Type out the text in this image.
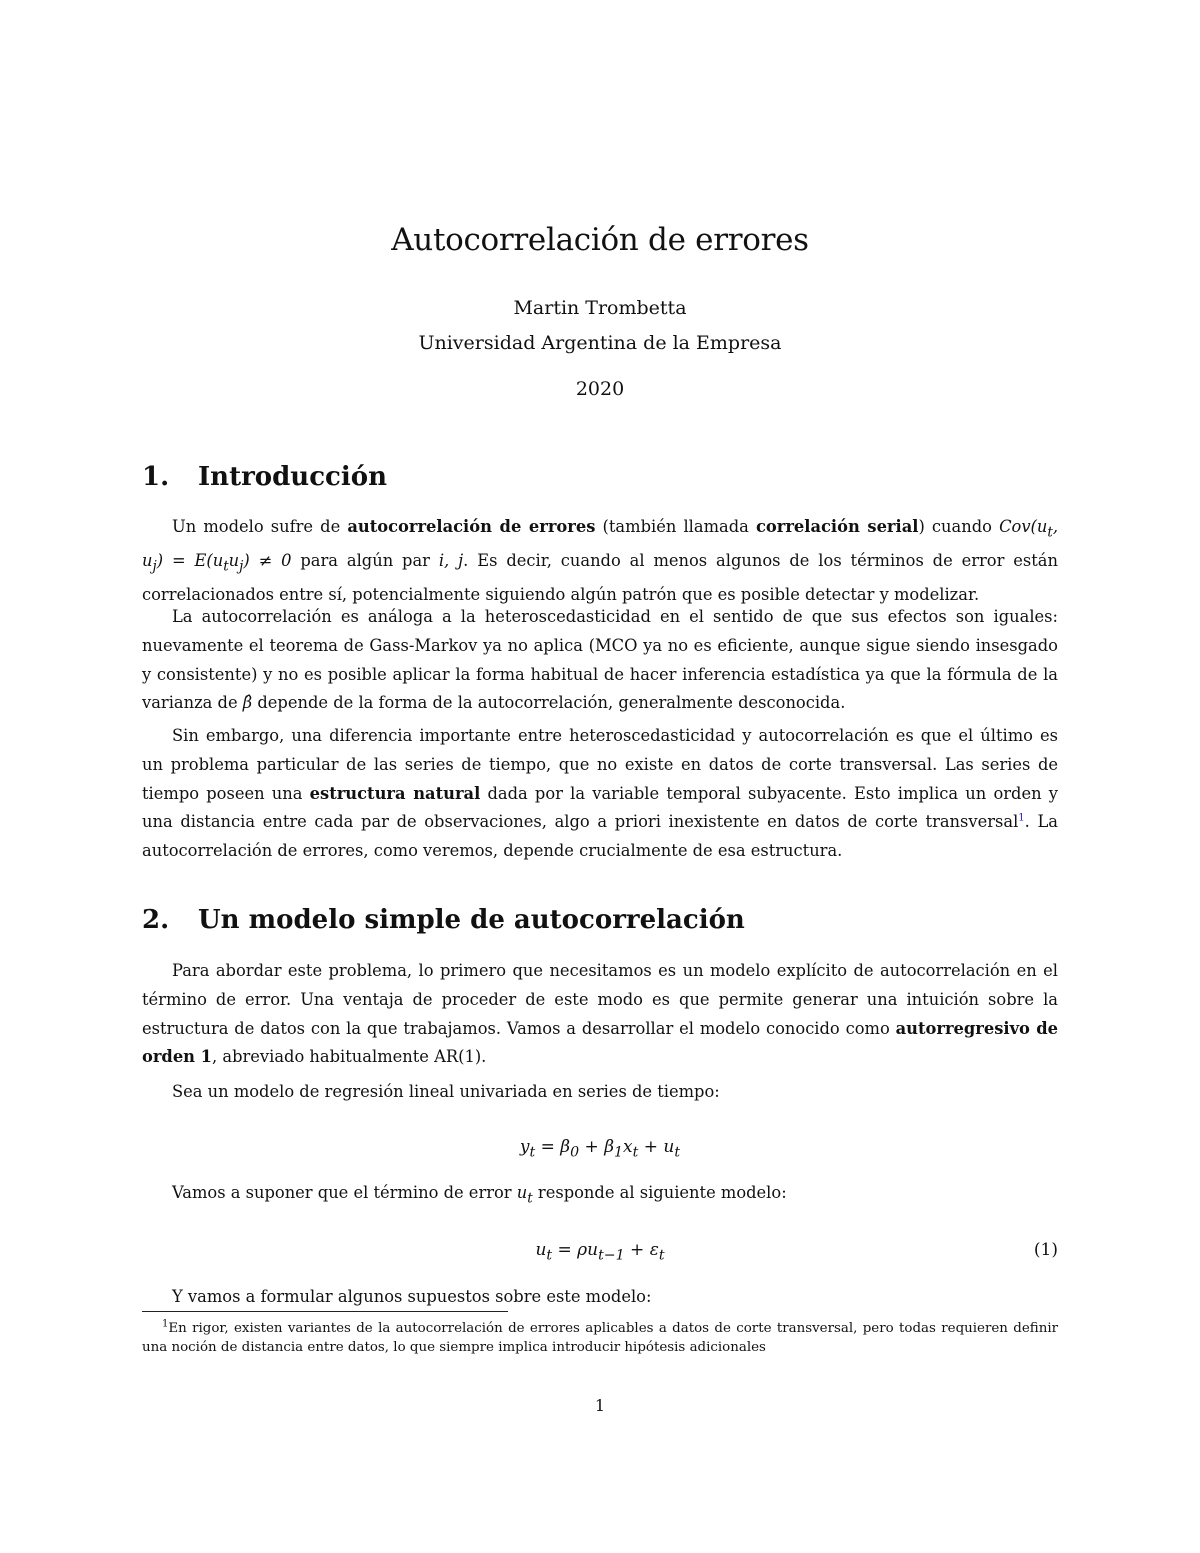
Autocorrelación de errores
Martin Trombetta
Universidad Argentina de la Empresa
2020
1. Introducción

Un modelo sufre de autocorrelación de errores (también llamada correlación serial) cuando $Cov(u_t$, $u_j) = E(u_tu_j) \ne 0$ para algún par i, j. Es decir, cuando al menos algunos de los términos de error están correlacionados entre sí, potencialmente siguiendo algún patrón que es posible detectar y modelizar.

La autocorrelación es análoga a la heteroscedasticidad en el sentido de que sus efectos son iguales: nuevamente el teorema de Gass-Markov ya no aplica (MCO ya no es eficiente, aunque sigue siendo insesgado y consistente) y no es posible aplicar la forma habitual de hacer inferencia estadística ya que la fórmula de la varianza de β̂ depende de la forma de la autocorrelación, generalmente desconocida.

Sin embargo, una diferencia importante entre heteroscedasticidad y autocorrelación es que el último es un problema particular de las series de tiempo, que no existe en datos de corte transversal. Las series de tiempo poseen una estructura natural dada por la variable temporal subyacente. Esto implica un orden y una distancia entre cada par de observaciones, algo a priori inexistente en datos de corte transversal$^1$. La autocorrelación de errores, como veremos, depende crucialmente de esa estructura.

2. Un modelo simple de autocorrelación

Para abordar este problema, lo primero que necesitamos es un modelo explícito de autocorrelación en el término de error. Una ventaja de proceder de este modo es que permite generar una intuición sobre la estructura de datos con la que trabajamos. Vamos a desarrollar el modelo conocido como autorregresivo de orden 1, abreviado habitualmente AR(1).

Sea un modelo de regresión lineal univariada en series de tiempo:

$y_t = \beta_0 + \beta_1x_t + u_t$

Vamos a suponer que el término de error $u_t$ responde al siguiente modelo:

$u_t = \rho u_{t-1} + \varepsilon_t$	(1)

Y vamos a formular algunos supuestos sobre este modelo:

$^1$En rigor, existen variantes de la autocorrelación de errores aplicables a datos de corte transversal, pero todas requieren definir una noción de distancia entre datos, lo que siempre implica introducir hipótesis adicionales

1
